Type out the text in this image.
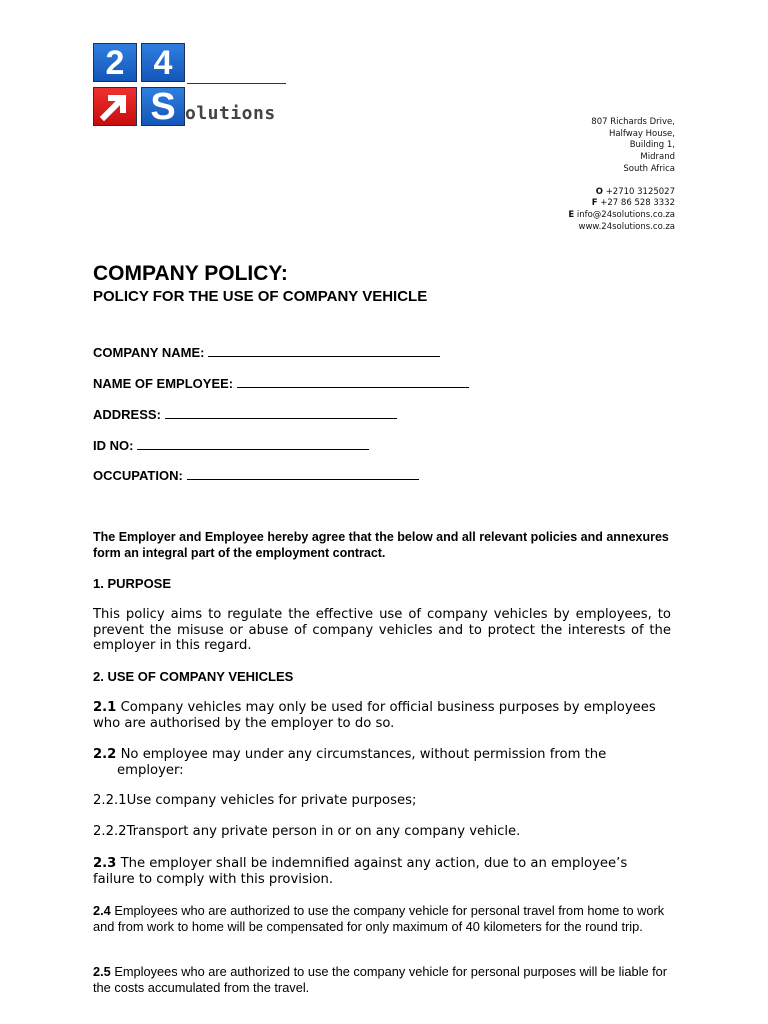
2 4
S olutions	807 Richards Drive,
Halfway House,
Building 1,
Midrand
South Africa
O +2710 3125027
F +27 86 528 3332
E info@24solutions.co.za
www.24solutions.co.za
COMPANY POLICY:
POLICY FOR THE USE OF COMPANY VEHICLE
COMPANY NAME:
NAME OF EMPLOYEE:
ADDRESS:
ID NO:
OCCUPATION:
The Employer and Employee hereby agree that the below and all relevant policies and annexures form an integral part of the employment contract.
1. PURPOSE
This policy aims to regulate the effective use of company vehicles by employees, to prevent the misuse or abuse of company vehicles and to protect the interests of the employer in this regard.
2. USE OF COMPANY VEHICLES
2.1 Company vehicles may only be used for official business purposes by employees who are authorised by the employer to do so.
2.2 No employee may under any circumstances, without permission from the employer:
2.2.1Use company vehicles for private purposes;
2.2.2Transport any private person in or on any company vehicle.
2.3 The employer shall be indemnified against any action, due to an employee’s failure to comply with this provision.
2.4 Employees who are authorized to use the company vehicle for personal travel from home to work and from work to home will be compensated for only maximum of 40 kilometers for the round trip.
2.5 Employees who are authorized to use the company vehicle for personal purposes will be liable for the costs accumulated from the travel.
